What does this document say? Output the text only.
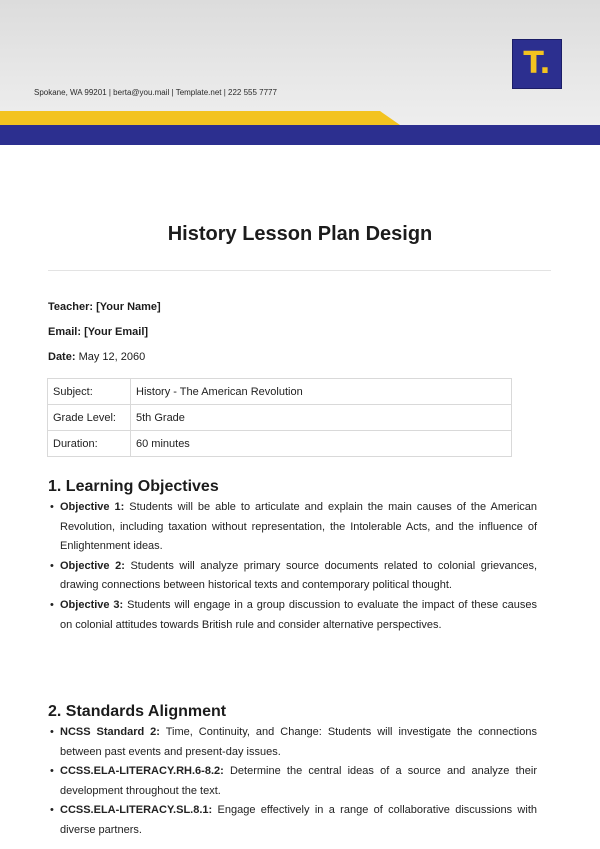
Spokane, WA 99201 | berta@you.mail | Template.net | 222 555 7777
T.
History Lesson Plan Design
Teacher: [Your Name]
Email: [Your Email]
Date: May 12, 2060
Subject:	History - The American Revolution
Grade Level:	5th Grade
Duration:	60 minutes
1. Learning Objectives
• Objective 1: Students will be able to articulate and explain the main causes of the American Revolution, including taxation without representation, the Intolerable Acts, and the influence of Enlightenment ideas.
• Objective 2: Students will analyze primary source documents related to colonial grievances, drawing connections between historical texts and contemporary political thought.
• Objective 3: Students will engage in a group discussion to evaluate the impact of these causes on colonial attitudes towards British rule and consider alternative perspectives.
2. Standards Alignment
• NCSS Standard 2: Time, Continuity, and Change: Students will investigate the connections between past events and present-day issues.
• CCSS.ELA-LITERACY.RH.6-8.2: Determine the central ideas of a source and analyze their development throughout the text.
• CCSS.ELA-LITERACY.SL.8.1: Engage effectively in a range of collaborative discussions with diverse partners.
